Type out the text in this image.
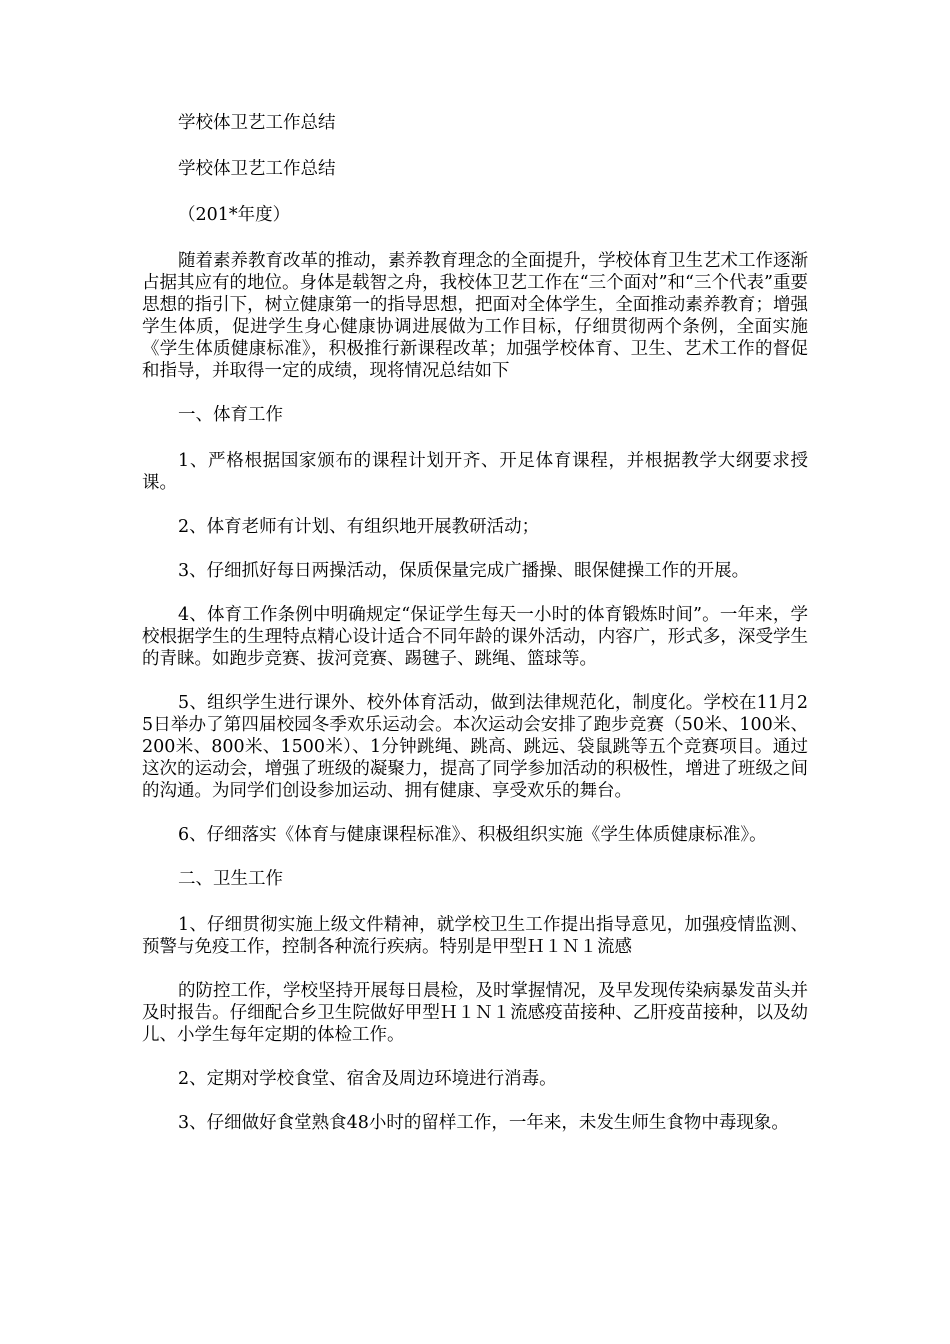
学校体卫艺工作总结

学校体卫艺工作总结

（201*年度）

随着素养教育改革的推动，素养教育理念的全面提升，学校体育卫生艺术工作逐渐占据其应有的地位。身体是载智之舟，我校体卫艺工作在“三个面对”和“三个代表”重要思想的指引下，树立健康第一的指导思想，把面对全体学生，全面推动素养教育；增强学生体质，促进学生身心健康协调进展做为工作目标，仔细贯彻两个条例，全面实施《学生体质健康标准》，积极推行新课程改革；加强学校体育、卫生、艺术工作的督促和指导，并取得一定的成绩，现将情况总结如下

一、体育工作

1、严格根据国家颁布的课程计划开齐、开足体育课程，并根据教学大纲要求授课。

2、体育老师有计划、有组织地开展教研活动；

3、仔细抓好每日两操活动，保质保量完成广播操、眼保健操工作的开展。

4、体育工作条例中明确规定“保证学生每天一小时的体育锻炼时间”。一年来，学校根据学生的生理特点精心设计适合不同年龄的课外活动，内容广，形式多，深受学生的青睐。如跑步竞赛、拔河竞赛、踢毽子、跳绳、篮球等。

5、组织学生进行课外、校外体育活动，做到法律规范化，制度化。学校在11月25日举办了第四届校园冬季欢乐运动会。本次运动会安排了跑步竞赛（50米、100米、200米、800米、1500米）、1分钟跳绳、跳高、跳远、袋鼠跳等五个竞赛项目。通过这次的运动会，增强了班级的凝聚力，提高了同学参加活动的积极性，增进了班级之间的沟通。为同学们创设参加运动、拥有健康、享受欢乐的舞台。

6、仔细落实《体育与健康课程标准》、积极组织实施《学生体质健康标准》。

二、卫生工作

1、仔细贯彻实施上级文件精神，就学校卫生工作提出指导意见，加强疫情监测、预警与免疫工作，控制各种流行疾病。特别是甲型Ｈ１Ｎ１流感

的防控工作，学校坚持开展每日晨检，及时掌握情况，及早发现传染病暴发苗头并及时报告。仔细配合乡卫生院做好甲型Ｈ１Ｎ１流感疫苗接种、乙肝疫苗接种，以及幼儿、小学生每年定期的体检工作。

2、定期对学校食堂、宿舍及周边环境进行消毒。

3、仔细做好食堂熟食48小时的留样工作，一年来，未发生师生食物中毒现象。
